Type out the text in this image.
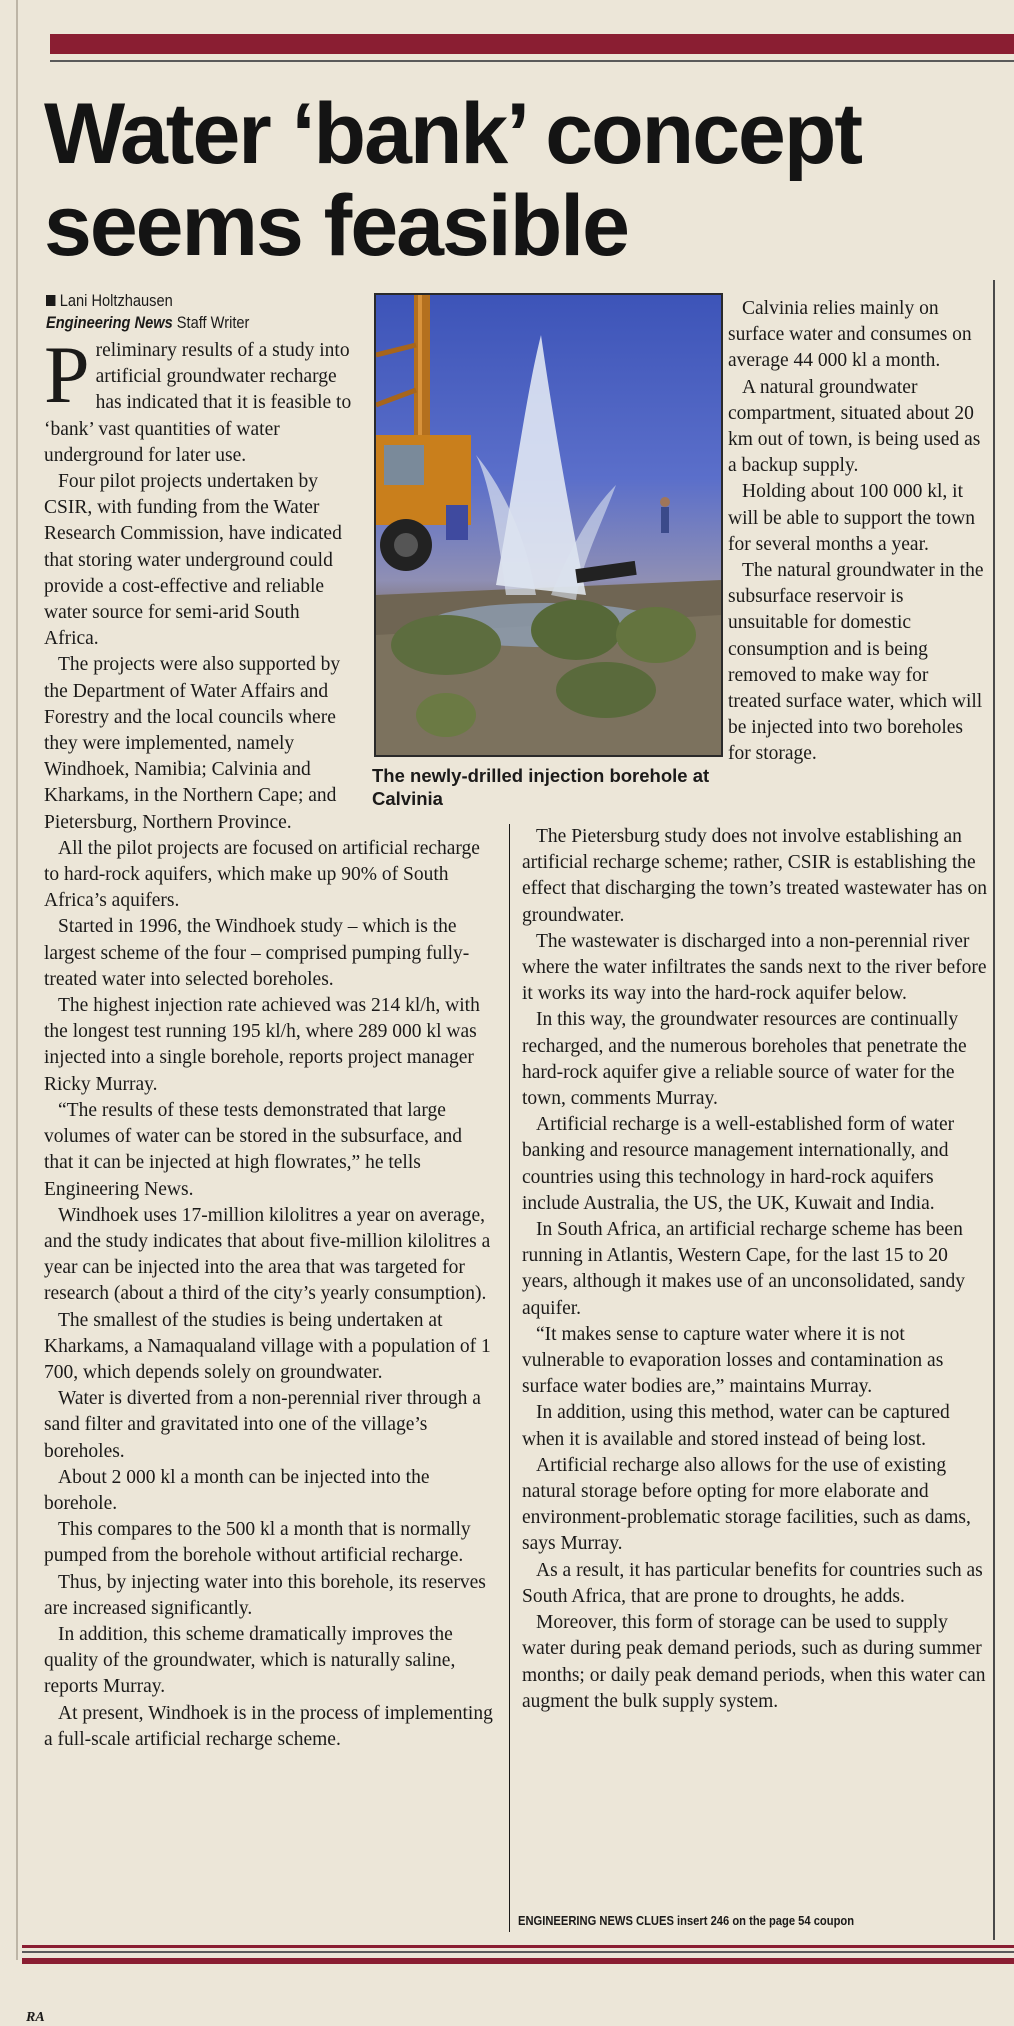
Water ‘bank’ concept seems feasible
Lani Holtzhausen
Engineering News Staff Writer
The newly-drilled injection borehole at Calvinia

Preliminary results of a study into artificial groundwater recharge has indicated that it is feasible to ‘bank’ vast quantities of water underground for later use.

Four pilot projects undertaken by CSIR, with funding from the Water Research Commission, have indicated that storing water underground could provide a cost-effective and reliable water source for semi-arid South Africa.

The projects were also supported by the Department of Water Affairs and Forestry and the local councils where they were implemented, namely Windhoek, Namibia; Calvinia and Kharkams, in the Northern Cape; and Pietersburg, Northern Province.

All the pilot projects are focused on artificial recharge to hard-rock aquifers, which make up 90% of South Africa’s aquifers.

Started in 1996, the Windhoek study – which is the largest scheme of the four – comprised pumping fully-treated water into selected boreholes.

The highest injection rate achieved was 214 kl/h, with the longest test running 195 kl/h, where 289 000 kl was injected into a single borehole, reports project manager Ricky Murray.

“The results of these tests demonstrated that large volumes of water can be stored in the subsurface, and that it can be injected at high flowrates,” he tells Engineering News.

Windhoek uses 17-million kilolitres a year on average, and the study indicates that about five-million kilolitres a year can be injected into the area that was targeted for research (about a third of the city’s yearly consumption).

The smallest of the studies is being undertaken at Kharkams, a Namaqualand village with a population of 1 700, which depends solely on groundwater.

Water is diverted from a non-perennial river through a sand filter and gravitated into one of the village’s boreholes.

About 2 000 kl a month can be injected into the borehole.

This compares to the 500 kl a month that is normally pumped from the borehole without artificial recharge.

Thus, by injecting water into this borehole, its reserves are increased significantly.

In addition, this scheme dramatically improves the quality of the groundwater, which is naturally saline, reports Murray.

At present, Windhoek is in the process of implementing a full-scale artificial recharge scheme.

Calvinia relies mainly on surface water and consumes on average 44 000 kl a month.

A natural groundwater compartment, situated about 20 km out of town, is being used as a backup supply.

Holding about 100 000 kl, it will be able to support the town for several months a year.

The natural groundwater in the subsurface reservoir is unsuitable for domestic consumption and is being removed to make way for treated surface water, which will be injected into two boreholes for storage.

The Pietersburg study does not involve establishing an artificial recharge scheme; rather, CSIR is establishing the effect that discharging the town’s treated wastewater has on groundwater.

The wastewater is discharged into a non-perennial river where the water infiltrates the sands next to the river before it works its way into the hard-rock aquifer below.

In this way, the groundwater resources are continually recharged, and the numerous boreholes that penetrate the hard-rock aquifer give a reliable source of water for the town, comments Murray.

Artificial recharge is a well-established form of water banking and resource management internationally, and countries using this technology in hard-rock aquifers include Australia, the US, the UK, Kuwait and India.

In South Africa, an artificial recharge scheme has been running in Atlantis, Western Cape, for the last 15 to 20 years, although it makes use of an unconsolidated, sandy aquifer.

“It makes sense to capture water where it is not vulnerable to evaporation losses and contamination as surface water bodies are,” maintains Murray.

In addition, using this method, water can be captured when it is available and stored instead of being lost.

Artificial recharge also allows for the use of existing natural storage before opting for more elaborate and environment-problematic storage facilities, such as dams, says Murray.

As a result, it has particular benefits for countries such as South Africa, that are prone to droughts, he adds.

Moreover, this form of storage can be used to supply water during peak demand periods, such as during summer months; or daily peak demand periods, when this water can augment the bulk supply system.

ENGINEERING NEWS CLUES insert 246 on the page 54 coupon
RA
